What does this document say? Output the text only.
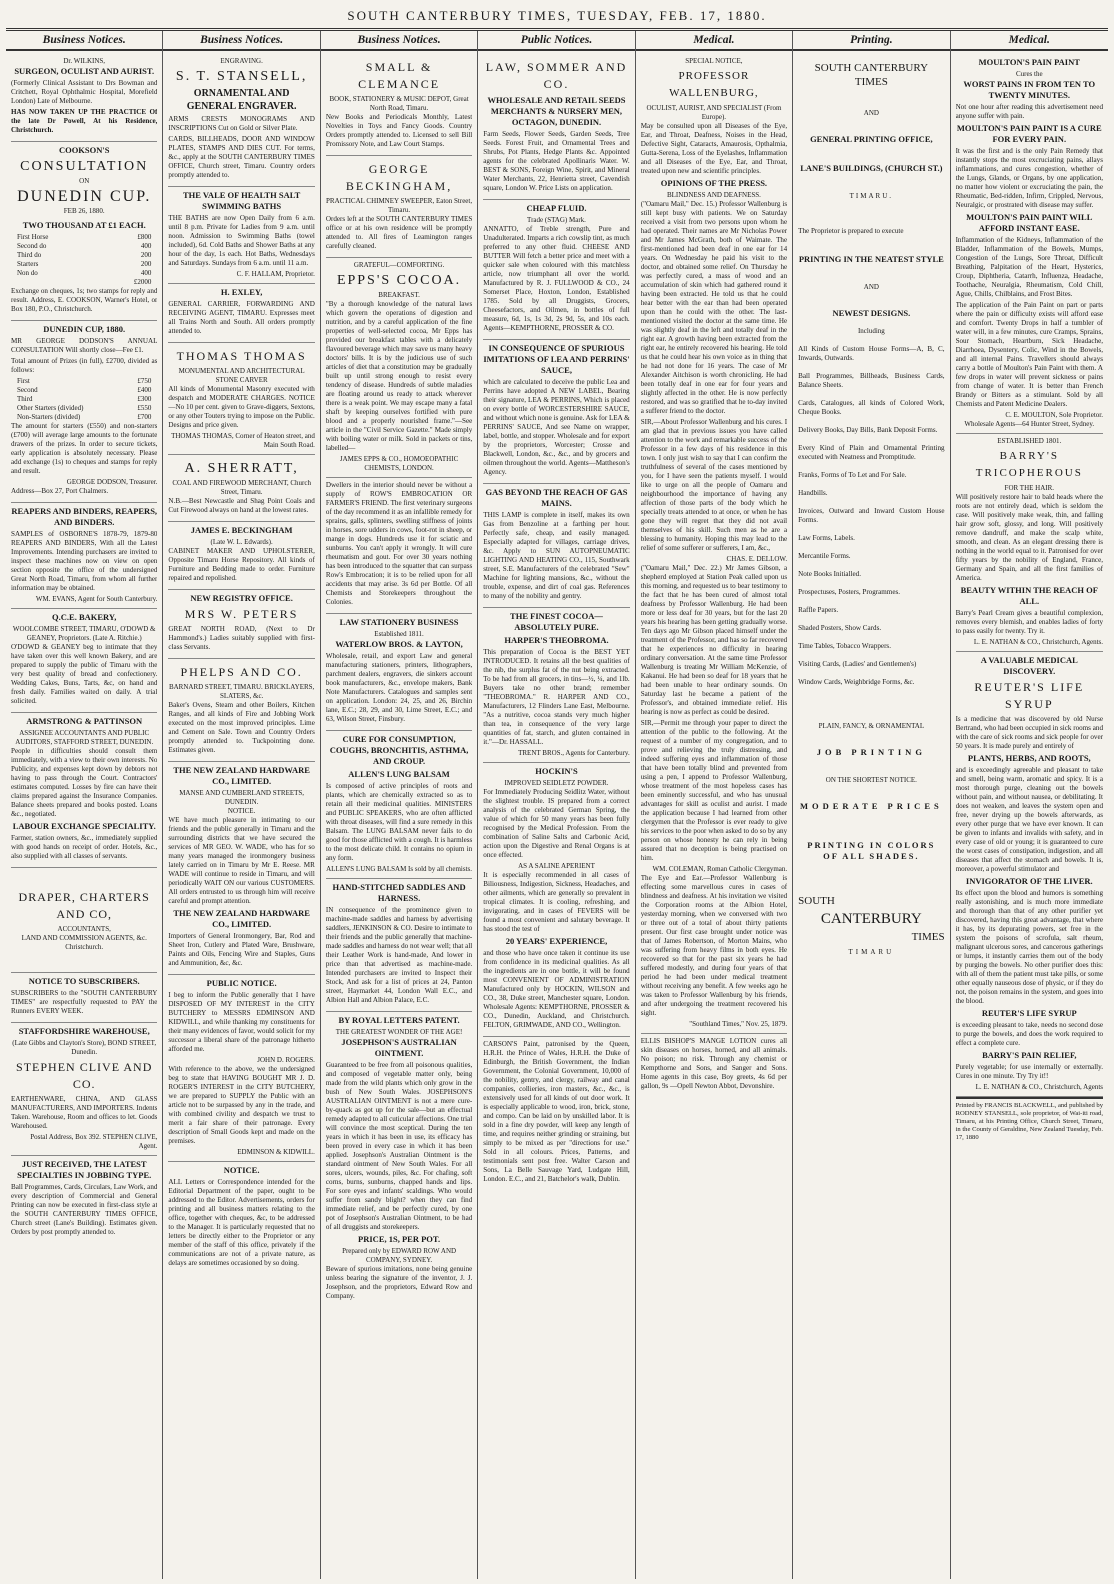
SOUTH CANTERBURY TIMES, TUESDAY, FEB. 17, 1880.
Business Notices.
Dr. WILKINS,
SURGEON, OCULIST AND AURIST.

(Formerly Clinical Assistant to Drs Bowman and Critchett, Royal Ophthalmic Hospital, Morefield London) Late of Melbourne.

HAS NOW TAKEN UP THE PRACTICE Of the late Dr Powell, At his Residence, Christchurch.

COOKSON'S
CONSULTATION
ON
DUNEDIN CUP.
FEB 26, 1880.
TWO THOUSAND AT £1 EACH.
First Horse	£800
Second do	400
Third do	200
Starters	200
Non do	400
£2000

Exchange on cheques, 1s; two stamps for reply and result. Address, E. COOKSON, Warner's Hotel, or Box 180, P.O., Christchurch.

DUNEDIN CUP, 1880.

MR GEORGE DODSON'S ANNUAL CONSULTATION Will shortly close—Fee £1.

Total amount of Prizes (in full), £2700, divided as follows:

First	£750
Second	£400
Third	£300
Other Starters (divided)	£550
Non-Starters (divided)	£700

The amount for starters (£550) and non-starters (£700) will average large amounts to the fortunate drawers of the prizes. In order to secure tickets, early application is absolutely necessary. Please add exchange (1s) to cheques and stamps for reply and result.

GEORGE DODSON, Treasurer.

Address—Box 27, Port Chalmers.

REAPERS AND BINDERS, REAPERS, AND BINDERS.

SAMPLES of OSBORNE'S 1878-79, 1879-80 REAPERS AND BINDERS, With all the Latest Improvements. Intending purchasers are invited to inspect these machines now on view on open section opposite the office of the undersigned Great North Road, Timaru, from whom all further information may be obtained.

WM. EVANS, Agent for South Canterbury.
Q.C.E. BAKERY,
WOOLCOMBE STREET, TIMARU, O'DOWD & GEANEY, Proprietors. (Late A. Ritchie.)

O'DOWD & GEANEY beg to intimate that they have taken over this well known Bakery, and are prepared to supply the public of Timaru with the very best quality of bread and confectionery. Wedding Cakes, Buns, Tarts, &c, on hand and fresh daily. Families waited on daily. A trial solicited.

ARMSTRONG & PATTINSON
ASSIGNEE ACCOUNTANTS AND PUBLIC AUDITORS, STAFFORD STREET, DUNEDIN.

People in difficulties should consult them immediately, with a view to their own interests. No Publicity, and expenses kept down by debtors not having to pass through the Court. Contractors' estimates computed. Losses by fire can have their claims prepared against the Insurance Companies. Balance sheets prepared and books posted. Loans &c., negotiated.

LABOUR EXCHANGE SPECIALITY.

Farmer, station owners, &c., immediately supplied with good hands on receipt of order. Hotels, &c., also supplied with all classes of servants.

DRAPER, CHARTERS AND CO,
ACCOUNTANTS,
LAND AND COMMISSION AGENTS, &c.
Christchurch.
NOTICE TO SUBSCRIBERS.

SUBSCRIBERS to the "SOUTH CANTERBURY TIMES" are respectfully requested to PAY the Runners EVERY WEEK.

STAFFORDSHIRE WAREHOUSE,
(Late Gibbs and Clayton's Store), BOND STREET, Dunedin.
STEPHEN CLIVE AND CO.

EARTHENWARE, CHINA, AND GLASS MANUFACTURERS, AND IMPORTERS. Indents Taken. Warehouse, Room and offices to let. Goods Warehoused.

Postal Address, Box 392. STEPHEN CLIVE, Agent.
JUST RECEIVED, THE LATEST SPECIALTIES IN JOBBING TYPE.

Ball Programmes, Cards, Circulars, Law Work, and every description of Commercial and General Printing can now be executed in first-class style at the SOUTH CANTERBURY TIMES OFFICE, Church street (Lane's Building). Estimates given. Orders by post promptly attended to.

Business Notices.
ENGRAVING.
S. T. STANSELL,
ORNAMENTAL AND GENERAL ENGRAVER.

ARMS CRESTS MONOGRAMS AND INSCRIPTIONS Cut on Gold or Silver Plate.

CARDS, BILLHEADS, DOOR AND WINDOW PLATES, STAMPS AND DIES CUT. For terms, &c., apply at the SOUTH CANTERBURY TIMES OFFICE, Church street, Timaru. Country orders promptly attended to.

THE VALE OF HEALTH SALT SWIMMING BATHS

THE BATHS are now Open Daily from 6 a.m. until 8 p.m. Private for Ladies from 9 a.m. until noon. Admission to Swimming Baths (towel included), 6d. Cold Baths and Shower Baths at any hour of the day, 1s each. Hot Baths, Wednesdays and Saturdays. Sundays from 6 a.m. until 11 a.m.

C. F. HALLAM, Proprietor.
H. EXLEY,

GENERAL CARRIER, FORWARDING AND RECEIVING AGENT, TIMARU. Expresses meet all Trains North and South. All orders promptly attended to.

THOMAS THOMAS
MONUMENTAL AND ARCHITECTURAL STONE CARVER

All kinds of Monumental Masonry executed with despatch and MODERATE CHARGES. NOTICE—No 10 per cent. given to Grave-diggers, Sextons, or any other Touters trying to impose on the Public. Designs and price given.

THOMAS THOMAS, Corner of Heaton street, and Main South Road.
A. SHERRATT,
COAL AND FIREWOOD MERCHANT, Church Street, Timaru.

N.B.—Best Newcastle and Shag Point Coals and Cut Firewood always on hand at the lowest rates.

JAMES E. BECKINGHAM
(Late W. L. Edwards).

CABINET MAKER AND UPHOLSTERER, Opposite Timaru Horse Repository. All kinds of Furniture and Bedding made to order. Furniture repaired and repolished.

NEW REGISTRY OFFICE.
MRS W. PETERS

GREAT NORTH ROAD, (Next to Dr Hammond's.) Ladies suitably supplied with first-class Servants.

PHELPS AND CO.
BARNARD STREET, TIMARU. BRICKLAYERS, SLATERS, &c.

Baker's Ovens, Steam and other Boilers, Kitchen Ranges, and all kinds of Fire and Jobbing Work executed on the most improved principles. Lime and Cement on Sale. Town and Country Orders promptly attended to. Tuckpointing done. Estimates given.

THE NEW ZEALAND HARDWARE CO., LIMITED.
MANSE AND CUMBERLAND STREETS, DUNEDIN.
NOTICE.

WE have much pleasure in intimating to our friends and the public generally in Timaru and the surrounding districts that we have secured the services of MR GEO. W. WADE, who has for so many years managed the ironmongery business lately carried on in Timaru by Mr E. Reese. MR WADE will continue to reside in Timaru, and will periodically WAIT ON our various CUSTOMERS. All orders entrusted to us through him will receive careful and prompt attention.

THE NEW ZEALAND HARDWARE CO., LIMITED.

Importers of General Ironmongery, Bar, Rod and Sheet Iron, Cutlery and Plated Ware, Brushware, Paints and Oils, Fencing Wire and Staples, Guns and Ammunition, &c, &c.

PUBLIC NOTICE.

I beg to inform the Public generally that I have DISPOSED OF MY INTEREST in the CITY BUTCHERY to MESSRS EDMINSON AND KIDWILL, and while thanking my constituents for their many evidences of favor, would solicit for my successor a liberal share of the patronage hitherto afforded me.

JOHN D. ROGERS.

With reference to the above, we the undersigned beg to state that HAVING BOUGHT MR J. D. ROGER'S INTEREST in the CITY BUTCHERY, we are prepared to SUPPLY the Public with an article not to be surpassed by any in the trade, and with combined civility and despatch we trust to merit a fair share of their patronage. Every description of Small Goods kept and made on the premises.

EDMINSON & KIDWILL.
NOTICE.

ALL Letters or Correspondence intended for the Editorial Department of the paper, ought to be addressed to the Editor. Advertisements, orders for printing and all business matters relating to the office, together with cheques, &c, to be addressed to the Manager. It is particularly requested that no letters be directly either to the Proprietor or any member of the staff of this office, privately if the communications are not of a private nature, as delays are sometimes occasioned by so doing.

Business Notices.
SMALL & CLEMANCE
BOOK, STATIONERY & MUSIC DEPOT, Great North Road, Timaru.

New Books and Periodicals Monthly, Latest Novelties in Toys and Fancy Goods. Country Orders promptly attended to. Licensed to sell Bill Promissory Note, and Law Court Stamps.

GEORGE BECKINGHAM,
PRACTICAL CHIMNEY SWEEPER, Eaton Street, Timaru.

Orders left at the SOUTH CANTERBURY TIMES office or at his own residence will be promptly attended to. All fires of Leamington ranges carefully cleaned.

GRATEFUL—COMFORTING.
EPPS'S COCOA.
BREAKFAST.

"By a thorough knowledge of the natural laws which govern the operations of digestion and nutrition, and by a careful application of the fine properties of well-selected cocoa, Mr Epps has provided our breakfast tables with a delicately flavoured beverage which may save us many heavy doctors' bills. It is by the judicious use of such articles of diet that a constitution may be gradually built up until strong enough to resist every tendency of disease. Hundreds of subtle maladies are floating around us ready to attack wherever there is a weak point. We may escape many a fatal shaft by keeping ourselves fortified with pure blood and a properly nourished frame."—See article in the "Civil Service Gazette." Made simply with boiling water or milk. Sold in packets or tins, labelled—

JAMES EPPS & CO., HOMOEOPATHIC CHEMISTS, LONDON.

Dwellers in the interior should never be without a supply of ROW'S EMBROCATION OR FARMER'S FRIEND. The first veterinary surgeons of the day recommend it as an infallible remedy for sprains, galls, splinters, swelling stiffness of joints in horses, sore udders in cows, foot-rot in sheep, or mange in dogs. Hundreds use it for sciatic and sunburns. You can't apply it wrongly. It will cure rheumatism and gout. For over 30 years nothing has been introduced to the squatter that can surpass Row's Embrocation; it is to be relied upon for all accidents that may arise. 3s 6d per Bottle. Of all Chemists and Storekeepers throughout the Colonies.

LAW STATIONERY BUSINESS
Established 1811.
WATERLOW BROS. & LAYTON,

Wholesale, retail, and export Law and general manufacturing stationers, printers, lithographers, parchment dealers, engravers, die sinkers account book manufacturers, &c., envelope makers, Bank Note Manufacturers. Catalogues and samples sent on application. London: 24, 25, and 26, Birchin lane, E.C.; 28, 29, and 30, Lime Street, E.C.; and 63, Wilson Street, Finsbury.

CURE FOR CONSUMPTION, COUGHS, BRONCHITIS, ASTHMA, AND CROUP.
ALLEN'S LUNG BALSAM

Is composed of active principles of roots and plants, which are chemically extracted so as to retain all their medicinal qualities. MINISTERS and PUBLIC SPEAKERS, who are often afflicted with throat diseases, will find a sure remedy in this Balsam. The LUNG BALSAM never fails to do good for those afflicted with a cough. It is harmless to the most delicate child. It contains no opium in any form.

ALLEN'S LUNG BALSAM Is sold by all chemists.
HAND-STITCHED SADDLES AND HARNESS.

IN consequence of the prominence given to machine-made saddles and harness by advertising saddlers, JENKINSON & CO. Desire to intimate to their friends and the public generally that machine-made saddles and harness do not wear well; that all their Leather Work is hand-made, And lower in price than that advertised as machine-made. Intended purchasers are invited to Inspect their Stock, And ask for a list of prices at 24, Panton street, Haymarket 44, London Wall E.C., and Albion Hall and Albion Palace, E.C.

BY ROYAL LETTERS PATENT.
THE GREATEST WONDER OF THE AGE!
JOSEPHSON'S AUSTRALIAN OINTMENT.

Guaranteed to be free from all poisonous qualities, and composed of vegetable matter only, being made from the wild plants which only grow in the bush of New South Wales. JOSEPHSON'S AUSTRALIAN OINTMENT is not a mere cure-by-quack as got up for the sale—but an effectual remedy adapted to all cuticular affections. One trial will convince the most sceptical. During the ten years in which it has been in use, its efficacy has been proved in every case in which it has been applied. Josephson's Australian Ointment is the standard ointment of New South Wales. For all sores, ulcers, wounds, piles, &c. For chafing, soft corns, burns, sunburns, chapped hands and lips. For sore eyes and infants' scaldings. Who would suffer from sandy blight? when they can find immediate relief, and be perfectly cured, by one pot of Josephson's Australian Ointment, to be had of all druggists and storekeepers.

PRICE, 1S, PER POT.
Prepared only by EDWARD ROW AND COMPANY, SYDNEY.

Beware of spurious imitations, none being genuine unless bearing the signature of the inventor, J. J. Josephson, and the proprietors, Edward Row and Company.

Public Notices.
LAW, SOMMER AND CO.
WHOLESALE AND RETAIL SEEDS MERCHANTS & NURSERY MEN, OCTAGON, DUNEDIN.

Farm Seeds, Flower Seeds, Garden Seeds, Tree Seeds. Forest Fruit, and Ornamental Trees and Shrubs, Pot Plants, Hedge Plants &c. Appointed agents for the celebrated Apollinaris Water. W. BEST & SONS, Foreign Wine, Spirit, and Mineral Water Merchants, 22, Henrietta street, Cavendish square, London W. Price Lists on application.

CHEAP FLUID.
Trade (STAG) Mark.

ANNATTO, of Treble strength, Pure and Unadulterated. Imparts a rich cowslip tint, as much preferred to any other fluid. CHEESE AND BUTTER Will fetch a better price and meet with a quicker sale when coloured with this matchless article, now triumphant all over the world. Manufactured by R. J. FULLWOOD & CO., 24 Somerset Place, Hoxton, London, Established 1785. Sold by all Druggists, Grocers, Cheesefactors, and Oilmen, in bottles of full measure, 6d, 1s, 1s 3d, 2s 9d, 5s, and 10s each. Agents—KEMPTHORNE, PROSSER & CO.

IN CONSEQUENCE OF SPURIOUS IMITATIONS OF LEA AND PERRINS' SAUCE,

which are calculated to deceive the public Lea and Perrins have adopted A NEW LABEL, Bearing their signature, LEA & PERRINS, Which is placed on every bottle of WORCESTERSHIRE SAUCE, and without which none is genuine. Ask for LEA & PERRINS' SAUCE, And see Name on wrapper, label, bottle, and stopper. Wholesale and for export by the proprietors, Worcester; Crosse and Blackwell, London, &c., &c., and by grocers and oilmen throughout the world. Agents—Mattheson's Agency.

GAS BEYOND THE REACH OF GAS MAINS.

THIS LAMP is complete in itself, makes its own Gas from Benzoline at a farthing per hour. Perfectly safe, cheap, and easily managed. Especially adapted for villages, carriage drives, &c. Apply to SUN AUTOPNEUMATIC LIGHTING AND HEATING CO., 115, Southwark street, S.E. Manufacturers of the celebrated "Sew" Machine for lighting mansions, &c., without the trouble, expense, and dirt of coal gas. References to many of the nobility and gentry.

THE FINEST COCOA—ABSOLUTELY PURE.
HARPER'S THEOBROMA.

This preparation of Cocoa is the BEST YET INTRODUCED. It retains all the best qualities of the nib, the surplus fat of the nut being extracted. To be had from all grocers, in tins—½, ¼, and 1lb. Buyers take no other brand; remember "THEOBROMA." R. HARPER AND CO., Manufacturers, 12 Flinders Lane East, Melbourne. "As a nutritive, cocoa stands very much higher than tea, in consequence of the very large quantities of fat, starch, and gluten contained in it."—Dr. HASSALL.

TRENT BROS., Agents for Canterbury.
HOCKIN'S
IMPROVED SEIDLETZ POWDER.

For Immediately Producing Seidlitz Water, without the slightest trouble. IS prepared from a correct analysis of the celebrated German Spring, the value of which for 50 many years has been fully recognised by the Medical Profession. From the combination of Saline Salts and Carbonic Acid, action upon the Digestive and Renal Organs is at once effected.

AS A SALINE APERIENT

It is especially recommended in all cases of Biliousness, Indigestion, Sickness, Headaches, and other ailments, which are generally so prevalent in tropical climates. It is cooling, refreshing, and invigorating, and in cases of FEVERS will be found a most convenient and salutary beverage. It has stood the test of

20 YEARS' EXPERIENCE,

and those who have once taken it continue its use from confidence in its medicinal qualities. As all the ingredients are in one bottle, it will be found most CONVENIENT OF ADMINISTRATION Manufactured only by HOCKIN, WILSON and CO., 38, Duke street, Manchester square, London. Wholesale Agents: KEMPTHORNE, PROSSER & CO., Dunedin, Auckland, and Christchurch. FELTON, GRIMWADE, AND CO., Wellington.

CARSON'S Paint, patronised by the Queen, H.R.H. the Prince of Wales, H.R.H. the Duke of Edinburgh, the British Government, the Indian Government, the Colonial Government, 10,000 of the nobility, gentry, and clergy, railway and canal companies, collieries, iron masters, &c., &c., is extensively used for all kinds of out door work. It is especially applicable to wood, iron, brick, stone, and compo. Can be laid on by unskilled labor. It is sold in a fine dry powder, will keep any length of time, and requires neither grinding or straining, but simply to be mixed as per "directions for use." Sold in all colours. Prices, Patterns, and testimonials sent post free. Walter Carson and Sons, La Belle Sauvage Yard, Ludgate Hill, London. E.C., and 21, Batchelor's walk, Dublin.

Medical.
SPECIAL NOTICE,
PROFESSOR WALLENBURG,
OCULIST, AURIST, AND SPECIALIST (From Europe).

May be consulted upon all Diseases of the Eye, Ear, and Throat, Deafness, Noises in the Head, Defective Sight, Cataracts, Amaurosis, Opthalmia, Gutta-Serena, Loss of the Eyelashes, Inflammation and all Diseases of the Eye, Ear, and Throat, treated upon new and scientific principles.

OPINIONS OF THE PRESS.
BLINDNESS AND DEAFNESS.

("Oamaru Mail," Dec. 15.) Professor Wallenburg is still kept busy with patients. We on Saturday received a visit from two persons upon whom he had operated. Their names are Mr Nicholas Power and Mr James McGrath, both of Waimate. The first-mentioned had been deaf in one ear for 14 years. On Wednesday he paid his visit to the doctor, and obtained some relief. On Thursday he was perfectly cured, a mass of wood and an accumulation of skin which had gathered round it having been extracted. He told us that he could hear better with the ear than had been operated upon than he could with the other. The last-mentioned visited the doctor at the same time. He was slightly deaf in the left and totally deaf in the right ear. A growth having been extracted from the right ear, he entirely recovered his hearing. He told us that he could hear his own voice as in thing that he had not done for 16 years. The case of Mr Alexander Aitchison is worth chronicling. He had been totally deaf in one ear for four years and slightly affected in the other. He is now perfectly restored, and was so gratified that he to-day invited a sufferer friend to the doctor.

SIR,—About Professor Wallenburg and his cures. I am glad that in previous issues you have called attention to the work and remarkable success of the Professor in a few days of his residence in this town. I only just wish to say that I can confirm the truthfulness of several of the cases mentioned by you, for I have seen the patients myself. I would like to urge on all the people of Oamaru and neighbourhood the importance of having any affection of those parts of the body which he specially treats attended to at once, or when he has gone they will regret that they did not avail themselves of his skill. Such men as he are a blessing to humanity. Hoping this may lead to the relief of some sufferer or sufferers, I am, &c.,

CHAS. E. DELLOW.

("Oamaru Mail," Dec. 22.) Mr James Gibson, a shepherd employed at Station Peak called upon us this morning, and requested us to bear testimony to the fact that he has been cured of almost total deafness by Professor Wallenburg. He had been more or less deaf for 30 years, but for the last 20 years his hearing has been getting gradually worse. Ten days ago Mr Gibson placed himself under the treatment of the Professor, and has so far recovered that he experiences no difficulty in hearing ordinary conversation. At the same time Professor Wallenburg is treating Mr William McKenzie, of Kakanui. He had been so deaf for 18 years that he had been unable to hear ordinary sounds. On Saturday last he became a patient of the Professor's, and obtained immediate relief. His hearing is now as perfect as could be desired.

SIR,—Permit me through your paper to direct the attention of the public to the following. At the request of a number of my congregation, and to prove and relieving the truly distressing, and indeed suffering eyes and inflammation of those that have been totally blind and prevented from using a pen, I append to Professor Wallenburg, whose treatment of the most hopeless cases has been eminently successful, and who has unusual advantages for skill as oculist and aurist. I made the application because I had learned from other clergymen that the Professor is ever ready to give his services to the poor when asked to do so by any person on whose honesty he can rely in being assured that no deception is being practised on him.

WM. COLEMAN, Roman Catholic Clergyman.

The Eye and Ear.—Professor Wallenburg is effecting some marvellous cures in cases of blindness and deafness. At his invitation we visited the Corporation rooms at the Albion Hotel, yesterday morning, when we conversed with two or three out of a total of about thirty patients present. Our first case brought under notice was that of James Robertson, of Morton Mains, who was suffering from heavy films in both eyes. He recovered so that for the past six years he had suffered modestly, and during four years of that period he had been under medical treatment without receiving any benefit. A few weeks ago he was taken to Professor Wallenburg by his friends, and after undergoing the treatment recovered his sight.

"Southland Times," Nov. 25, 1879.

ELLIS BISHOP'S MANGE LOTION cures all skin diseases on horses, horned, and all animals. No poison; no risk. Through any chemist or Kempthorne and Sons, and Sanger and Sons. Home agents in this case, Boy greets, 4s 6d per gallon, 9s —Opell Newton Abbot, Devonshire.

Printing.
SOUTH CANTERBURY TIMES
AND
GENERAL PRINTING OFFICE,
LANE'S BUILDINGS, (CHURCH ST.)
TIMARU.

The Proprietor is prepared to execute

PRINTING IN THE NEATEST STYLE
AND
NEWEST DESIGNS.
Including

All Kinds of Custom House Forms—A, B, C, Inwards, Outwards.

Ball Programmes, Billheads, Business Cards, Balance Sheets.

Cards, Catalogues, all kinds of Colored Work, Cheque Books.

Delivery Books, Day Bills, Bank Deposit Forms.

Every Kind of Plain and Ornamental Printing executed with Neatness and Promptitude.

Franks, Forms of To Let and For Sale.

Handbills.

Invoices, Outward and Inward Custom House Forms.

Law Forms, Labels.

Mercantile Forms.

Note Books Initialled.

Prospectuses, Posters, Programmes.

Raffle Papers.

Shaded Posters, Show Cards.

Time Tables, Tobacco Wrappers.

Visiting Cards, (Ladies' and Gentlemen's)

Window Cards, Weighbridge Forms, &c.

PLAIN, FANCY, & ORNAMENTAL
JOB PRINTING
ON THE SHORTEST NOTICE.
MODERATE PRICES
PRINTING IN COLORS OF ALL SHADES.
SOUTH
CANTERBURY
TIMES
TIMARU
Medical.
MOULTON'S PAIN PAINT
Cures the
WORST PAINS IN FROM TEN TO TWENTY MINUTES.

Not one hour after reading this advertisement need anyone suffer with pain.

MOULTON'S PAIN PAINT IS A CURE FOR EVERY PAIN.

It was the first and is the only Pain Remedy that instantly stops the most excruciating pains, allays inflammations, and cures congestion, whether of the Lungs, Glands, or Organs, by one application, no matter how violent or excruciating the pain, the Rheumatic, Bed-ridden, Infirm, Crippled, Nervous, Neuralgic, or prostrated with disease may suffer.

MOULTON'S PAIN PAINT WILL AFFORD INSTANT EASE.

Inflammation of the Kidneys, Inflammation of the Bladder, Inflammation of the Bowels, Mumps, Congestion of the Lungs, Sore Throat, Difficult Breathing, Palpitation of the Heart, Hysterics, Croup, Diphtheria, Catarrh, Influenza, Headache, Toothache, Neuralgia, Rheumatism, Cold Chill, Ague, Chills, Chilblains, and Frost Bites.

The application of the Pain Paint on part or parts where the pain or difficulty exists will afford ease and comfort. Twenty Drops in half a tumbler of water will, in a few minutes, cure Cramps, Sprains, Sour Stomach, Heartburn, Sick Headache, Diarrhoea, Dysentery, Colic, Wind in the Bowels, and all internal Pains. Travellers should always carry a bottle of Moulton's Pain Paint with them. A few drops in water will prevent sickness or pains from change of water. It is better than French Brandy or Bitters as a stimulant. Sold by all Chemists and Patent Medicine Dealers.

C. E. MOULTON, Sole Proprietor.
Wholesale Agents—64 Hunter Street, Sydney.
ESTABLISHED 1801.
BARRY'S TRICOPHEROUS
FOR THE HAIR.

Will positively restore hair to bald heads where the roots are not entirely dead, which is seldom the case. Will positively make weak, thin, and falling hair grow soft, glossy, and long. Will positively remove dandruff, and make the scalp white, smooth, and clean. As an elegant dressing there is nothing in the world equal to it. Patronised for over fifty years by the nobility of England, France, Germany and Spain, and all the first families of America.

BEAUTY WITHIN THE REACH OF ALL.

Barry's Pearl Cream gives a beautiful complexion, removes every blemish, and enables ladies of forty to pass easily for twenty. Try it.

L. E. NATHAN & CO., Christchurch, Agents.
A VALUABLE MEDICAL DISCOVERY.
REUTER'S LIFE SYRUP

Is a medicine that was discovered by old Nurse Bertrand, who had been occupied in sick rooms and with the care of sick rooms and sick people for over 50 years. It is made purely and entirely of

PLANTS, HERBS, AND ROOTS,

and is exceedingly agreeable and pleasant to take and smell, being warm, aromatic and spicy. It is a most thorough purge, cleaning out the bowels without pain, and without nausea, or debilitating. It does not weaken, and leaves the system open and free, never drying up the bowels afterwards, as every other purge that we have ever known. It can be given to infants and invalids with safety, and in every case of old or young; it is guaranteed to cure the worst cases of constipation, indigestion, and all diseases that affect the stomach and bowels. It is, moreover, a powerful stimulator and

INVIGORATOR OF THE LIVER.

Its effect upon the blood and humors is something really astonishing, and is much more immediate and thorough than that of any other purifier yet discovered, having this great advantage, that where it has, by its depurating powers, set free in the system the poisons of scrofula, salt rheum, malignant ulcerous sores, and cancerous gatherings or lumps, it instantly carries them out of the body by purging the bowels. No other purifier does this: with all of them the patient must take pills, or some other equally nauseous dose of physic, or if they do not, the poison remains in the system, and goes into the blood.

REUTER'S LIFE SYRUP

is exceeding pleasant to take, needs no second dose to purge the bowels, and does the work required to effect a complete cure.

BARRY'S PAIN RELIEF,

Purely vegetable; for use internally or externally. Cures in one minute. Try Try it!!

L. E. NATHAN & CO., Christchurch, Agents
Printed by FRANCIS BLACKWELL, and published by RODNEY STANSELL, sole proprietor, of Wai-iti road, Timaru, at his Printing Office, Church Street, Timaru, in the County of Geraldine, New Zealand Tuesday, Feb. 17, 1880
